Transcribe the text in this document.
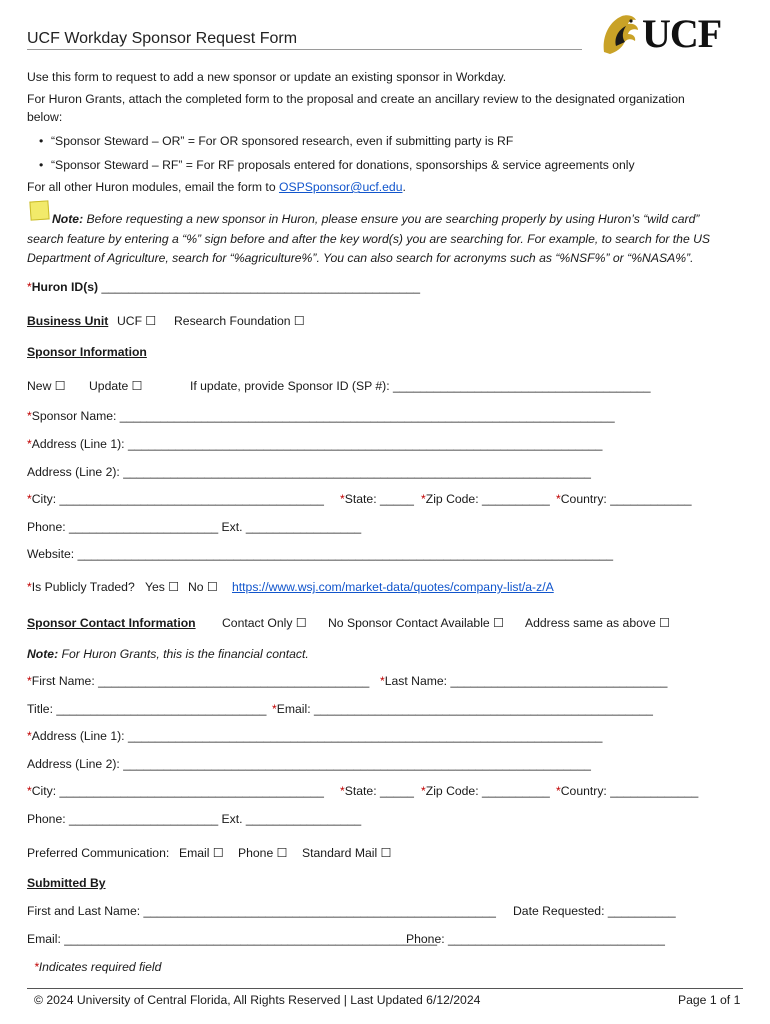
UCF Workday Sponsor Request Form	UCF
Use this form to request to add a new sponsor or update an existing sponsor in Workday.
For Huron Grants, attach the completed form to the proposal and create an ancillary review to the designated organization
below:
• “Sponsor Steward – OR” = For OR sponsored research, even if submitting party is RF
• “Sponsor Steward – RF” = For RF proposals entered for donations, sponsorships & service agreements only
For all other Huron modules, email the form to OSPSponsor@ucf.edu.
Note: Before requesting a new sponsor in Huron, please ensure you are searching properly by using Huron’s “wild card”
search feature by entering a “%” sign before and after the key word(s) you are searching for. For example, to search for the US
Department of Agriculture, search for “%agriculture%”. You can also search for acronyms such as “%NSF%” or “%NASA%”.
*Huron ID(s) _______________________________________________
Business Unit UCF ☐ Research Foundation ☐
Sponsor Information
New ☐ Update ☐	If update, provide Sponsor ID (SP #): ______________________________________
*Sponsor Name: _________________________________________________________________________
*Address (Line 1): ______________________________________________________________________
Address (Line 2): _____________________________________________________________________
*City: _______________________________________ *State: _____ *Zip Code: __________ *Country: ____________
Phone: ______________________ Ext. _________________
Website: _______________________________________________________________________________
*Is Publicly Traded? Yes ☐ No ☐ https://www.wsj.com/market-data/quotes/company-list/a-z/A
Sponsor Contact Information Contact Only ☐ No Sponsor Contact Available ☐ Address same as above ☐
Note: For Huron Grants, this is the financial contact.
*First Name: ________________________________________ *Last Name: ________________________________
Title: _______________________________ *Email: __________________________________________________
*Address (Line 1): ______________________________________________________________________
Address (Line 2): _____________________________________________________________________
*City: _______________________________________ *State: _____ *Zip Code: __________ *Country: _____________
Phone: ______________________ Ext. _________________
Preferred Communication: Email ☐ Phone ☐ Standard Mail ☐
Submitted By
First and Last Name: ____________________________________________________ Date Requested: __________
Email: _______________________________________________________
Phone: ________________________________
*Indicates required field
© 2024 University of Central Florida, All Rights Reserved | Last Updated 6/12/2024	Page 1 of 1
